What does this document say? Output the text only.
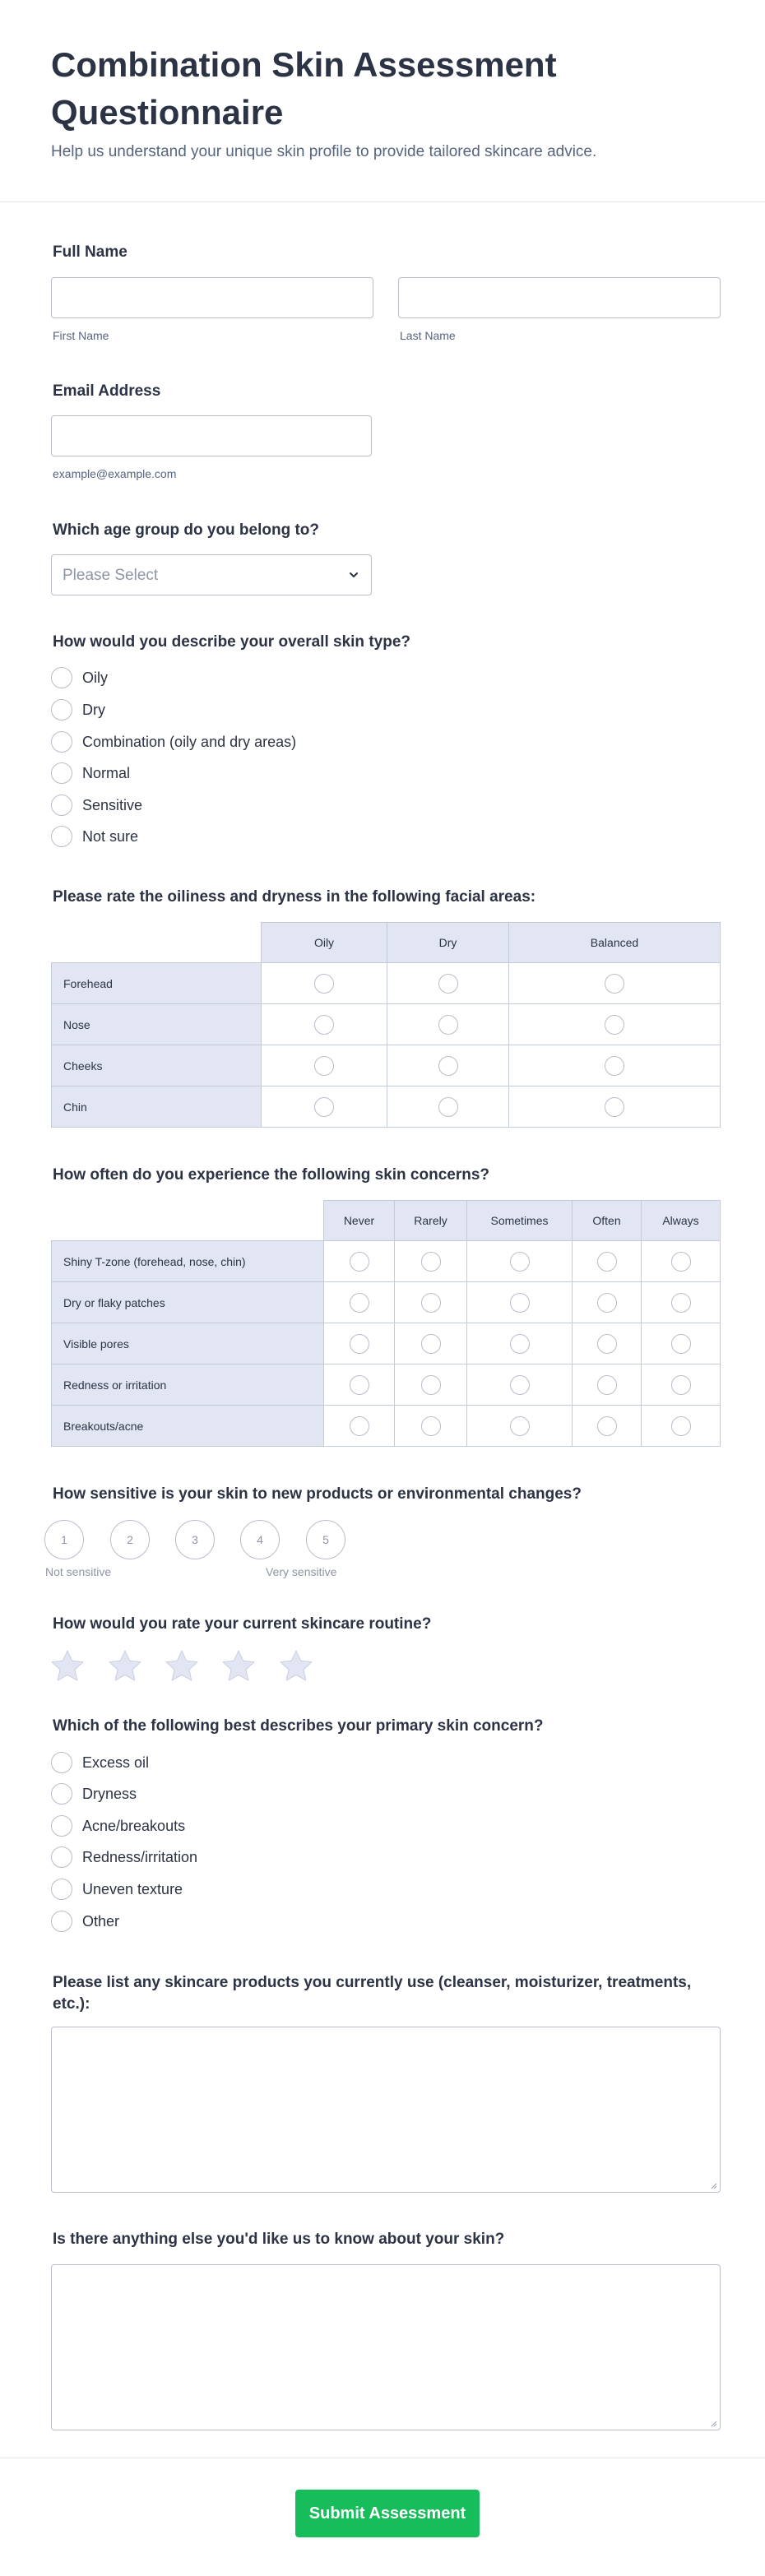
Combination Skin Assessment Questionnaire
Help us understand your unique skin profile to provide tailored skincare advice.
Full Name
First Name	Last Name
Email Address
example@example.com
Which age group do you belong to?
Please Select
How would you describe your overall skin type?
Oily
Dry
Combination (oily and dry areas)
Normal
Sensitive
Not sure
Please rate the oiliness and dryness in the following facial areas:
	Oily	Dry	Balanced
Forehead			
Nose			
Cheeks			
Chin			
How often do you experience the following skin concerns?
	Never	Rarely	Sometimes	Often	Always
Shiny T-zone (forehead, nose, chin)					
Dry or flaky patches					
Visible pores					
Redness or irritation					
Breakouts/acne					
How sensitive is your skin to new products or environmental changes?
1	2	3	4	5
Not sensitive	Very sensitive
How would you rate your current skincare routine?
Which of the following best describes your primary skin concern?
Excess oil
Dryness
Acne/breakouts
Redness/irritation
Uneven texture
Other
Please list any skincare products you currently use (cleanser, moisturizer, treatments, etc.):
Is there anything else you'd like us to know about your skin?
Submit Assessment
